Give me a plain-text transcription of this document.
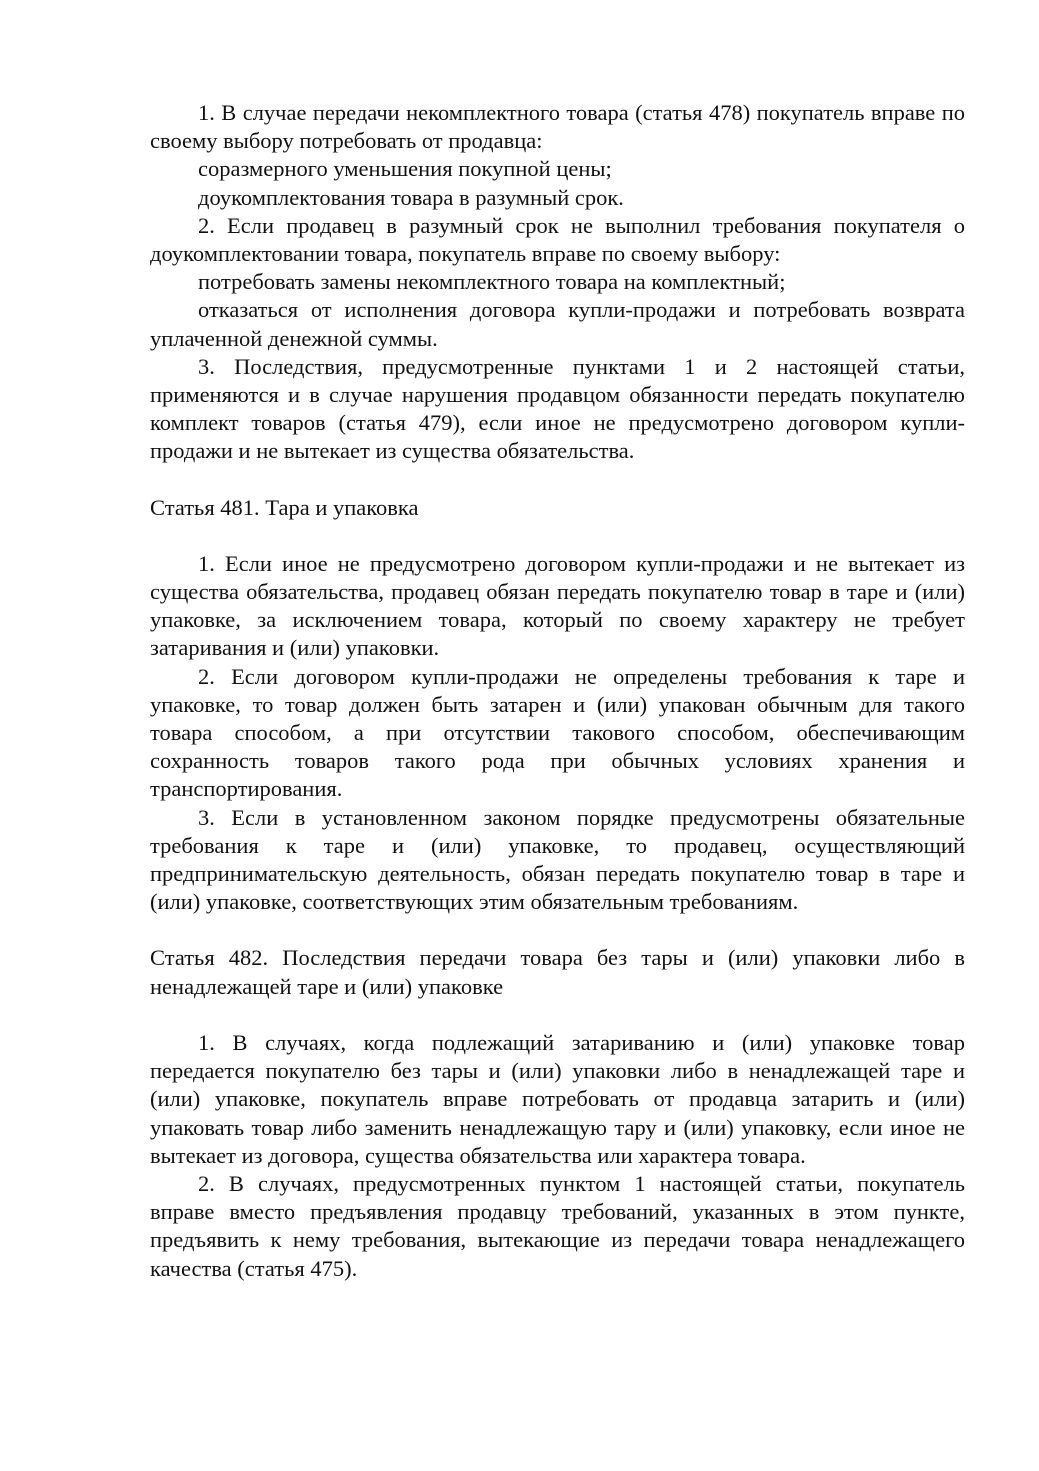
1. В случае передачи некомплектного товара (статья 478) покупатель вправе по своему выбору потребовать от продавца:

соразмерного уменьшения покупной цены;

доукомплектования товара в разумный срок.

2. Если продавец в разумный срок не выполнил требования покупателя о доукомплектовании товара, покупатель вправе по своему выбору:

потребовать замены некомплектного товара на комплектный;

отказаться от исполнения договора купли-продажи и потребовать возврата уплаченной денежной суммы.

3. Последствия, предусмотренные пунктами 1 и 2 настоящей статьи, применяются и в случае нарушения продавцом обязанности передать покупателю комплект товаров (статья 479), если иное не предусмотрено договором купли-продажи и не вытекает из существа обязательства.

Статья 481. Тара и упаковка

1. Если иное не предусмотрено договором купли-продажи и не вытекает из существа обязательства, продавец обязан передать покупателю товар в таре и (или) упаковке, за исключением товара, который по своему характеру не требует затаривания и (или) упаковки.

2. Если договором купли-продажи не определены требования к таре и упаковке, то товар должен быть затарен и (или) упакован обычным для такого товара способом, а при отсутствии такового способом, обеспечивающим сохранность товаров такого рода при обычных условиях хранения и транспортирования.

3. Если в установленном законом порядке предусмотрены обязательные требования к таре и (или) упаковке, то продавец, осуществляющий предпринимательскую деятельность, обязан передать покупателю товар в таре и (или) упаковке, соответствующих этим обязательным требованиям.

Статья 482. Последствия передачи товара без тары и (или) упаковки либо в ненадлежащей таре и (или) упаковке

1. В случаях, когда подлежащий затариванию и (или) упаковке товар передается покупателю без тары и (или) упаковки либо в ненадлежащей таре и (или) упаковке, покупатель вправе потребовать от продавца затарить и (или) упаковать товар либо заменить ненадлежащую тару и (или) упаковку, если иное не вытекает из договора, существа обязательства или характера товара.

2. В случаях, предусмотренных пунктом 1 настоящей статьи, покупатель вправе вместо предъявления продавцу требований, указанных в этом пункте, предъявить к нему требования, вытекающие из передачи товара ненадлежащего качества (статья 475).
